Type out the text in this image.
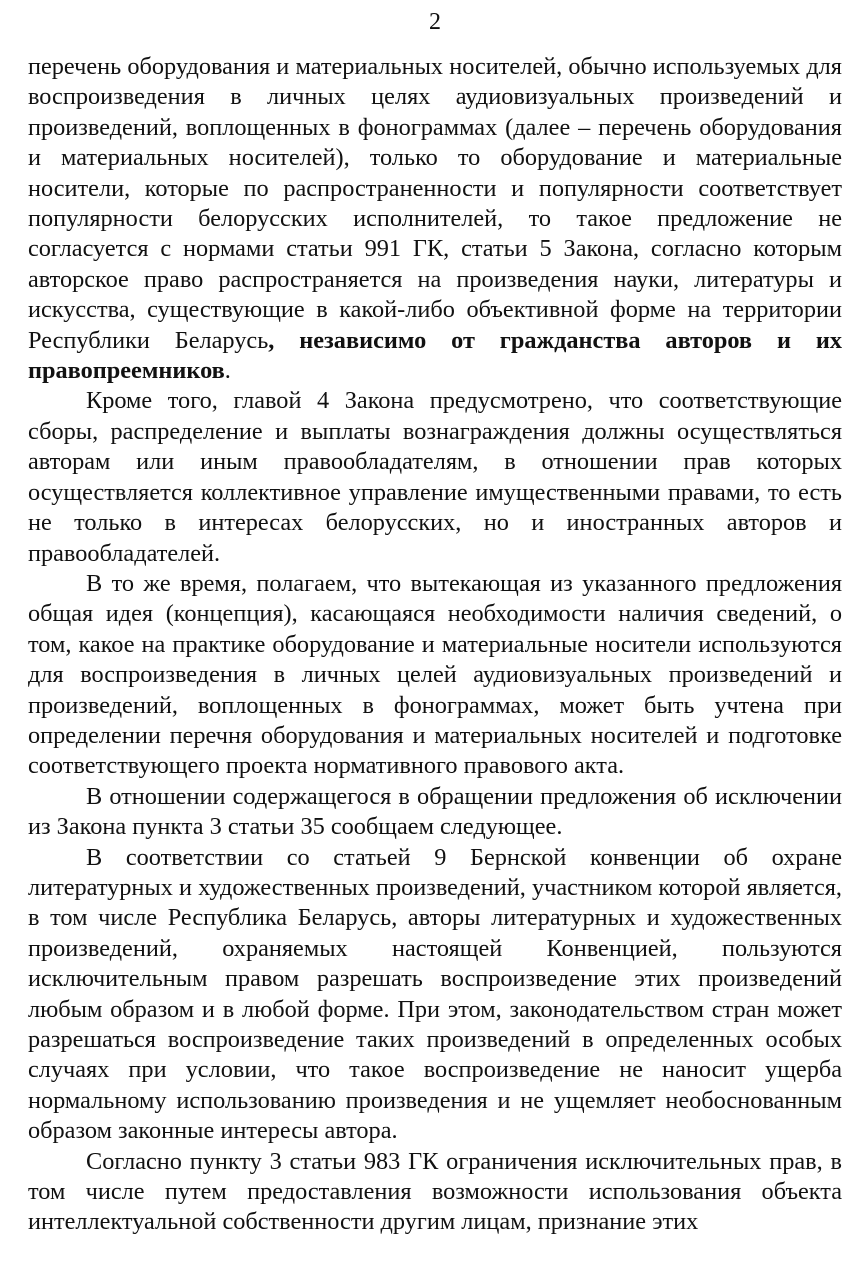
2

перечень оборудования и материальных носителей, обычно используемых для воспроизведения в личных целях аудиовизуальных произведений и произведений, воплощенных в фонограммах (далее – перечень оборудования и материальных носителей), только то оборудование и материальные носители, которые по распространенности и популярности соответствует популярности белорусских исполнителей, то такое предложение не согласуется с нормами статьи 991 ГК, статьи 5 Закона, согласно которым авторское право распространяется на произведения науки, литературы и искусства, существующие в какой-либо объективной форме на территории Республики Беларусь, независимо от гражданства авторов и их правопреемников.

Кроме того, главой 4 Закона предусмотрено, что соответствующие сборы, распределение и выплаты вознаграждения должны осуществляться авторам или иным правообладателям, в отношении прав которых осуществляется коллективное управление имущественными правами, то есть не только в интересах белорусских, но и иностранных авторов и правообладателей.

В то же время, полагаем, что вытекающая из указанного предложения общая идея (концепция), касающаяся необходимости наличия сведений, о том, какое на практике оборудование и материальные носители используются для воспроизведения в личных целей аудиовизуальных произведений и произведений, воплощенных в фонограммах, может быть учтена при определении перечня оборудования и материальных носителей и подготовке соответствующего проекта нормативного правового акта.

В отношении содержащегося в обращении предложения об исключении из Закона пункта 3 статьи 35 сообщаем следующее.

В соответствии со статьей 9 Бернской конвенции об охране литературных и художественных произведений, участником которой является, в том числе Республика Беларусь, авторы литературных и художественных произведений, охраняемых настоящей Конвенцией, пользуются исключительным правом разрешать воспроизведение этих произведений любым образом и в любой форме. При этом, законодательством стран может разрешаться воспроизведение таких произведений в определенных особых случаях при условии, что такое воспроизведение не наносит ущерба нормальному использованию произведения и не ущемляет необоснованным образом законные интересы автора.

Согласно пункту 3 статьи 983 ГК ограничения исключительных прав, в том числе путем предоставления возможности использования объекта интеллектуальной собственности другим лицам, признание этих
